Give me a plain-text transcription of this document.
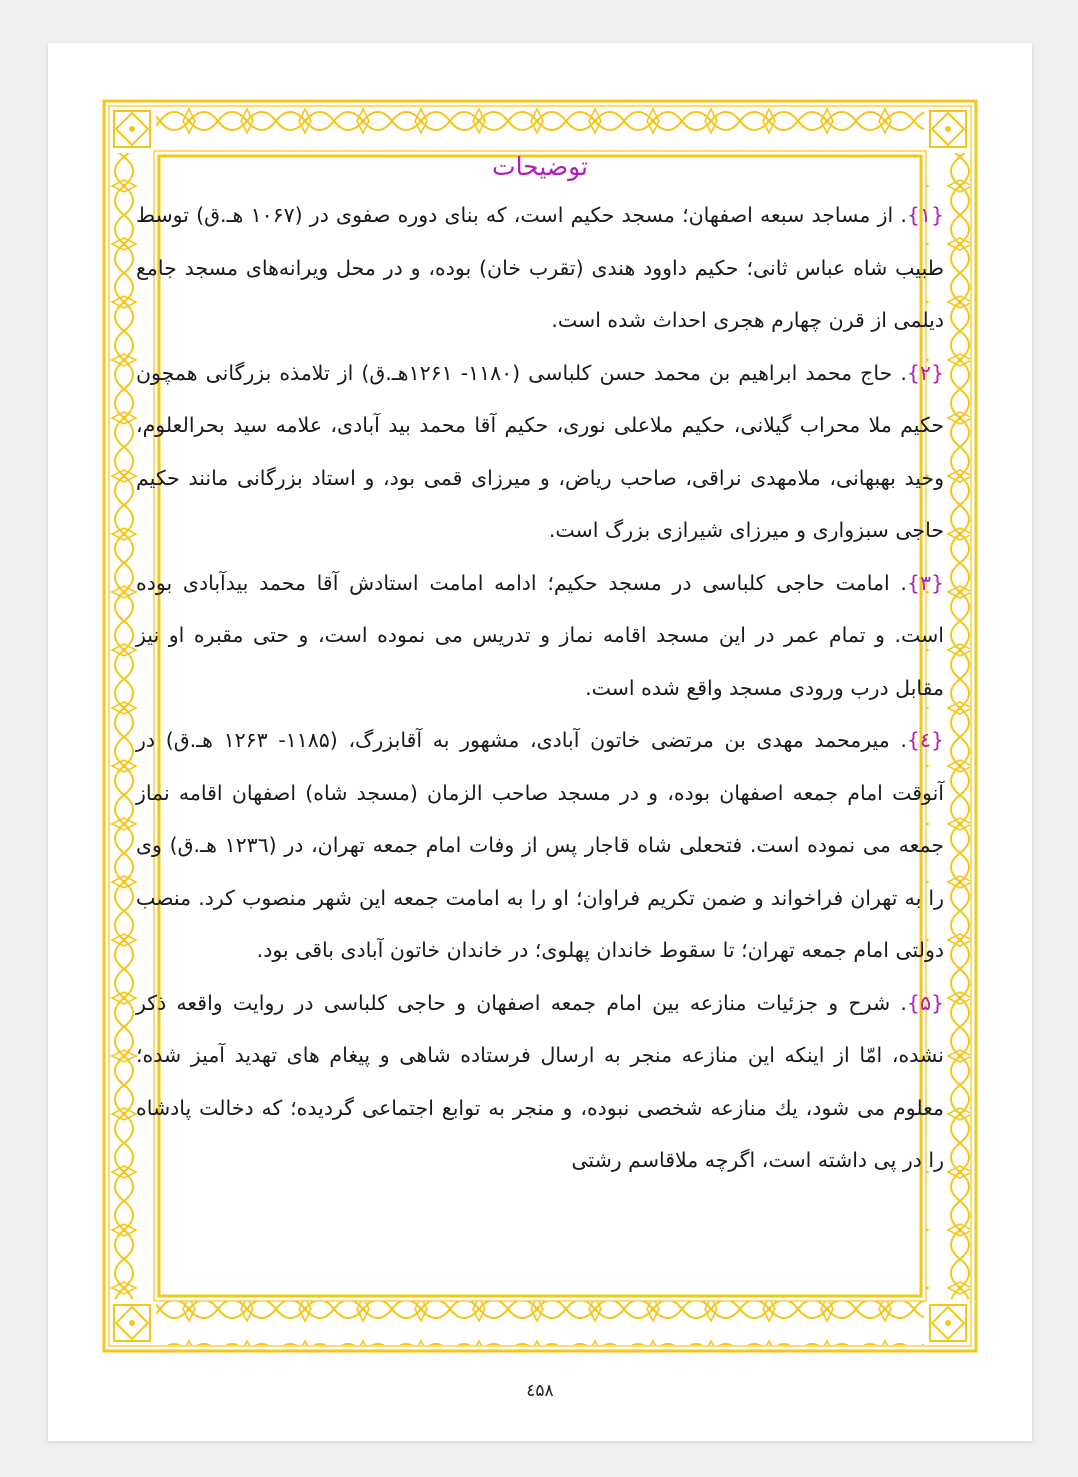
توضیحات

{۱}. از مساجد سبعه اصفهان؛ مسجد حکیم است، که بنای دوره صفوی در (۱۰۶۷ هـ.ق) توسط طبیب شاه عباس ثانی؛ حکیم داوود هندی (تقرب خان) بوده، و در محل ویرانه‌های مسجد جامع دیلمی از قرن چهارم هجری احداث شده است.

{۲}. حاج محمد ابراهیم بن محمد حسن کلباسی (۱۱۸۰- ۱۲۶۱هـ.ق) از تلامذه بزرگانی همچون حکیم ملا محراب گیلانی، حکیم ملاعلی نوری، حکیم آقا محمد بید آبادی، علامه سید بحرالعلوم، وحید بهبهانی، ملامهدی نراقی، صاحب ریاض، و میرزای قمی بود، و استاد بزرگانی مانند حکیم حاجی سبزواری و میرزای شیرازی بزرگ است.

{۳}. امامت حاجی کلباسی در مسجد حکیم؛ ادامه امامت استادش آقا محمد بیدآبادی بوده است. و تمام عمر در این مسجد اقامه نماز و تدریس می نموده است، و حتی مقبره او نیز مقابل درب ورودی مسجد واقع شده است.

{٤}. میرمحمد مهدی بن مرتضی خاتون آبادی، مشهور به آقابزرگ، (۱۱۸۵- ۱۲۶۳ هـ.ق) در آنوقت امام جمعه اصفهان بوده، و در مسجد صاحب الزمان (مسجد شاه) اصفهان اقامه نماز جمعه می نموده است. فتحعلی شاه قاجار پس از وفات امام جمعه تهران، در (۱۲۳٦ هـ.ق) وی را به تهران فراخواند و ضمن تکریم فراوان؛ او را به امامت جمعه این شهر منصوب کرد. منصب دولتی امام جمعه تهران؛ تا سقوط خاندان پهلوی؛ در خاندان خاتون آبادی باقی بود.

{۵}. شرح و جزئیات منازعه بین امام جمعه اصفهان و حاجی کلباسی در روایت واقعه ذکر نشده، امّا از اینکه این منازعه منجر به ارسال فرستاده شاهی و پیغام های تهدید آمیز شده؛ معلوم می شود، یك منازعه شخصی نبوده، و منجر به توابع اجتماعی گردیده؛ که دخالت پادشاه را در پی داشته است، اگرچه ملاقاسم رشتی

٤۵۸
